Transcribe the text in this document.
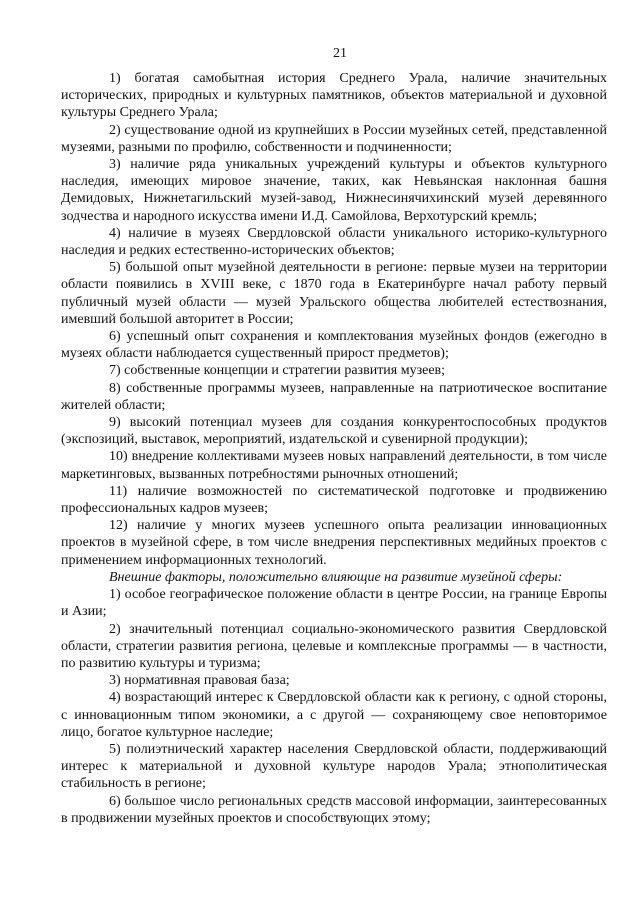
21

1) богатая самобытная история Среднего Урала, наличие значительных исторических, природных и культурных памятников, объектов материальной и духовной культуры Среднего Урала;

2) существование одной из крупнейших в России музейных сетей, представленной музеями, разными по профилю, собственности и подчиненности;

3) наличие ряда уникальных учреждений культуры и объектов культурного наследия, имеющих мировое значение, таких, как Невьянская наклонная башня Демидовых, Нижнетагильский музей-завод, Нижнесинячихинский музей деревянного зодчества и народного искусства имени И.Д. Самойлова, Верхотурский кремль;

4) наличие в музеях Свердловской области уникального историко-культурного наследия и редких естественно-исторических объектов;

5) большой опыт музейной деятельности в регионе: первые музеи на территории области появились в XVIII веке, с 1870 года в Екатеринбурге начал работу первый публичный музей области — музей Уральского общества любителей естествознания, имевший большой авторитет в России;

6) успешный опыт сохранения и комплектования музейных фондов (ежегодно в музеях области наблюдается существенный прирост предметов);

7) собственные концепции и стратегии развития музеев;

8) собственные программы музеев, направленные на патриотическое воспитание жителей области;

9) высокий потенциал музеев для создания конкурентоспособных продуктов (экспозиций, выставок, мероприятий, издательской и сувенирной продукции);

10) внедрение коллективами музеев новых направлений деятельности, в том числе маркетинговых, вызванных потребностями рыночных отношений;

11) наличие возможностей по систематической подготовке и продвижению профессиональных кадров музеев;

12) наличие у многих музеев успешного опыта реализации инновационных проектов в музейной сфере, в том числе внедрения перспективных медийных проектов с применением информационных технологий.

Внешние факторы, положительно влияющие на развитие музейной сферы:

1) особое географическое положение области в центре России, на границе Европы и Азии;

2) значительный потенциал социально-экономического развития Свердловской области, стратегии развития региона, целевые и комплексные программы — в частности, по развитию культуры и туризма;

3) нормативная правовая база;

4) возрастающий интерес к Свердловской области как к региону, с одной стороны, с инновационным типом экономики, а с другой — сохраняющему свое неповторимое лицо, богатое культурное наследие;

5) полиэтнический характер населения Свердловской области, поддерживающий интерес к материальной и духовной культуре народов Урала; этнополитическая стабильность в регионе;

6) большое число региональных средств массовой информации, заинтересованных в продвижении музейных проектов и способствующих этому;
